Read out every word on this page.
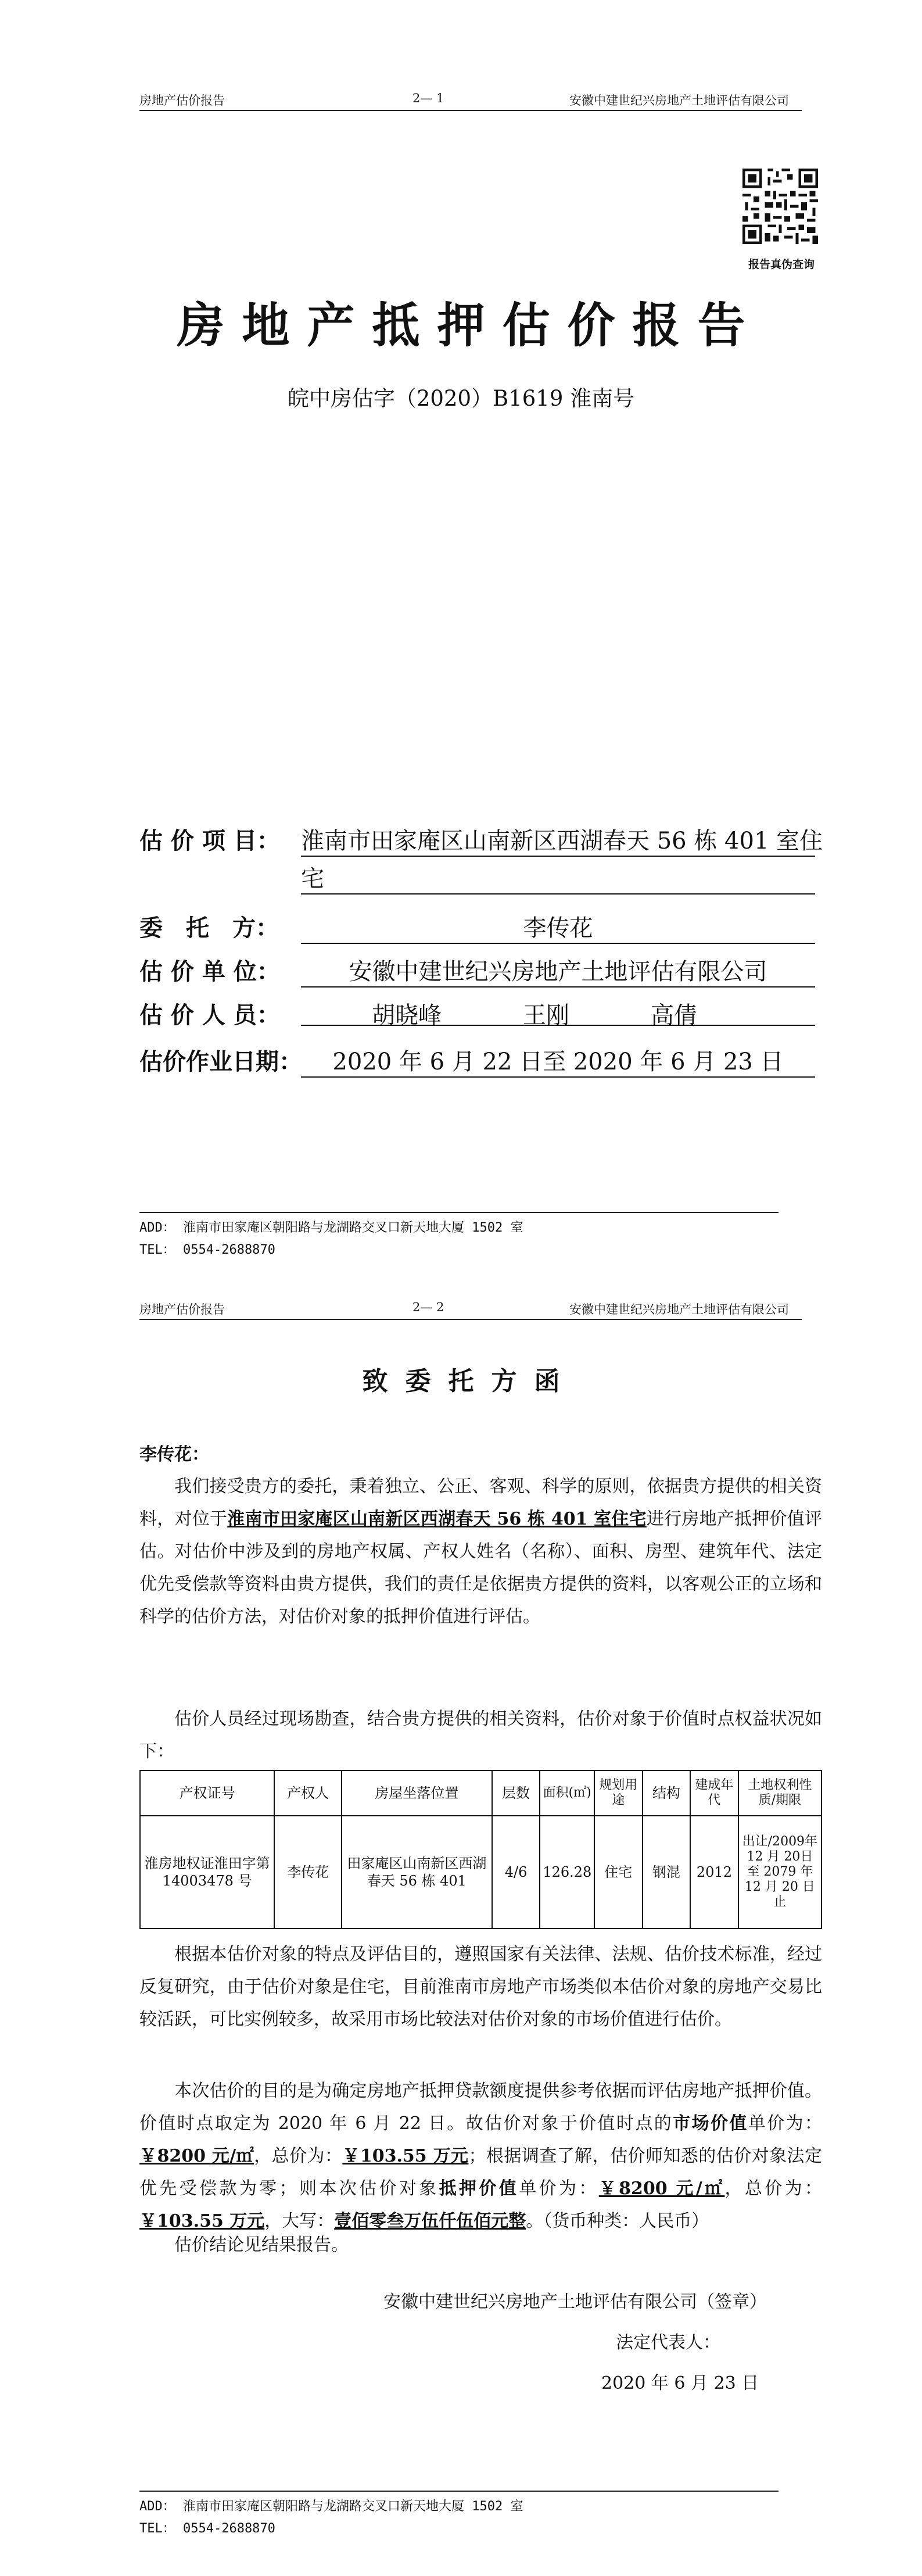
房地产估价报告	2— 1	安徽中建世纪兴房地产土地评估有限公司
报告真伪查询
房地产抵押估价报告
皖中房估字（2020）B1619 淮南号
估 价 项 目： 淮南市田家庵区山南新区西湖春天 56 栋 401 室住
宅
委　托　方：	李传花
估 价 单 位：	安徽中建世纪兴房地产土地评估有限公司
估 价 人 员：	胡晓峰	王刚	高倩
估价作业日期：	2020 年 6 月 22 日至 2020 年 6 月 23 日
ADD： 淮南市田家庵区朝阳路与龙湖路交叉口新天地大厦 1502 室
TEL： 0554-2688870
房地产估价报告	2— 2	安徽中建世纪兴房地产土地评估有限公司
致委托方函
李传花：
我们接受贵方的委托，秉着独立、公正、客观、科学的原则，依据贵方提供的相关资料，对位于淮南市田家庵区山南新区西湖春天 56 栋 401 室住宅进行房地产抵押价值评估。对估价中涉及到的房地产权属、产权人姓名（名称）、面积、房型、建筑年代、法定优先受偿款等资料由贵方提供，我们的责任是依据贵方提供的资料，以客观公正的立场和科学的估价方法，对估价对象的抵押价值进行评估。
估价人员经过现场勘查，结合贵方提供的相关资料，估价对象于价值时点权益状况如下：
产权证号	产权人	房屋坐落位置	层数	面积(㎡)	规划用途	结构	建成年代	土地权利性质/期限
淮房地权证淮田字第 14003478 号	李传花	田家庵区山南新区西湖春天 56 栋 401	4/6	126.28	住宅	钢混	2012	出让/2009年 12 月 20日至 2079 年12 月 20 日止
根据本估价对象的特点及评估目的，遵照国家有关法律、法规、估价技术标准，经过反复研究，由于估价对象是住宅，目前淮南市房地产市场类似本估价对象的房地产交易比较活跃，可比实例较多，故采用市场比较法对估价对象的市场价值进行估价。
本次估价的目的是为确定房地产抵押贷款额度提供参考依据而评估房地产抵押价值。价值时点取定为 2020 年 6 月 22 日。故估价对象于价值时点的市场价值单价为：￥8200 元/㎡，总价为：￥103.55 万元；根据调查了解，估价师知悉的估价对象法定优先受偿款为零；则本次估价对象抵押价值单价为：￥8200 元/㎡，总价为：￥103.55 万元，大写：壹佰零叁万伍仟伍佰元整。（货币种类：人民币）
估价结论见结果报告。
安徽中建世纪兴房地产土地评估有限公司（签章）
法定代表人：
2020 年 6 月 23 日
ADD： 淮南市田家庵区朝阳路与龙湖路交叉口新天地大厦 1502 室
TEL： 0554-2688870
